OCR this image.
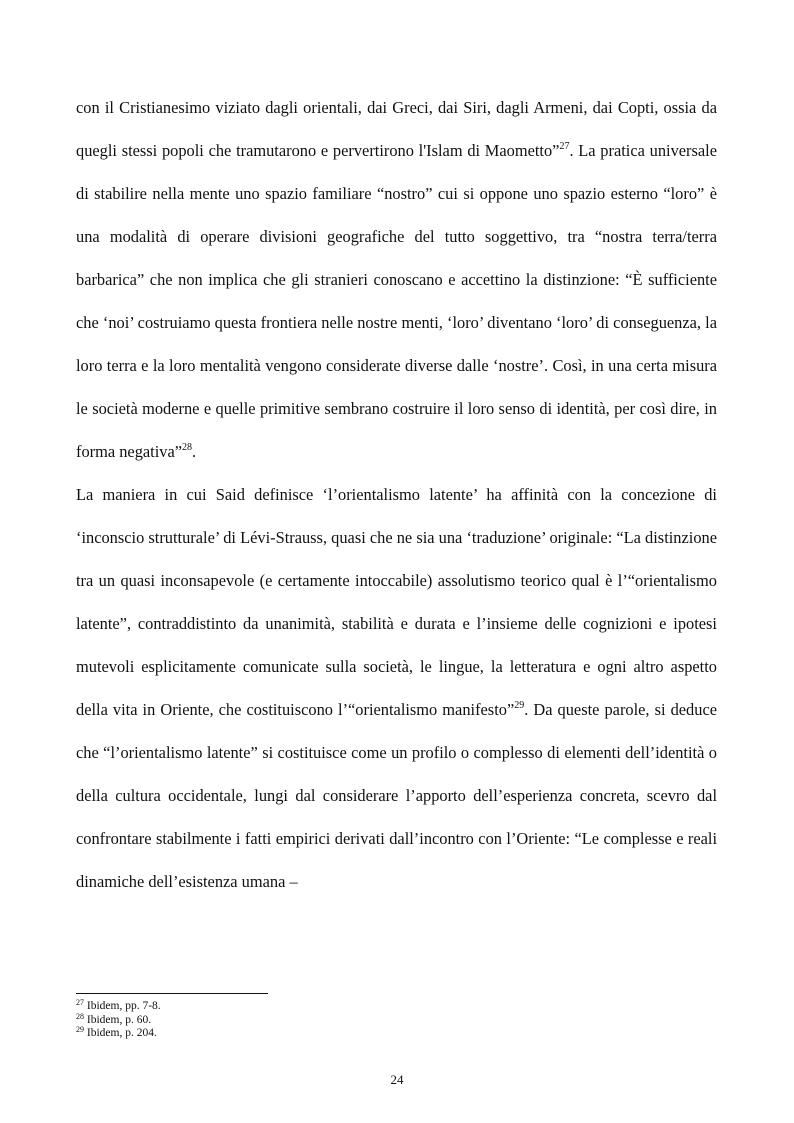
con il Cristianesimo viziato dagli orientali, dai Greci, dai Siri, dagli Armeni, dai Copti, ossia da quegli stessi popoli che tramutarono e pervertirono l'Islam di Maometto”$^{27}$. La pratica universale di stabilire nella mente uno spazio familiare “nostro” cui si oppone uno spazio esterno “loro” è una modalità di operare divisioni geografiche del tutto soggettivo, tra “nostra terra/terra barbarica” che non implica che gli stranieri conoscano e accettino la distinzione: “È sufficiente che ‘noi’ costruiamo questa frontiera nelle nostre menti, ‘loro’ diventano ‘loro’ di conseguenza, la loro terra e la loro mentalità vengono considerate diverse dalle ‘nostre’. Così, in una certa misura le società moderne e quelle primitive sembrano costruire il loro senso di identità, per così dire, in forma negativa”$^{28}$.

La maniera in cui Said definisce ‘l’orientalismo latente’ ha affinità con la concezione di ‘inconscio strutturale’ di Lévi-Strauss, quasi che ne sia una ‘traduzione’ originale: “La distinzione tra un quasi inconsapevole (e certamente intoccabile) assolutismo teorico qual è l’“orientalismo latente”, contraddistinto da unanimità, stabilità e durata e l’insieme delle cognizioni e ipotesi mutevoli esplicitamente comunicate sulla società, le lingue, la letteratura e ogni altro aspetto della vita in Oriente, che costituiscono l’“orientalismo manifesto”$^{29}$. Da queste parole, si deduce che “l’orientalismo latente” si costituisce come un profilo o complesso di elementi dell’identità o della cultura occidentale, lungi dal considerare l’apporto dell’esperienza concreta, scevro dal confrontare stabilmente i fatti empirici derivati dall’incontro con l’Oriente: “Le complesse e reali dinamiche dell’esistenza umana –

$^{27}$ Ibidem, pp. 7-8.
$^{28}$ Ibidem, p. 60.
$^{29}$ Ibidem, p. 204.
24
